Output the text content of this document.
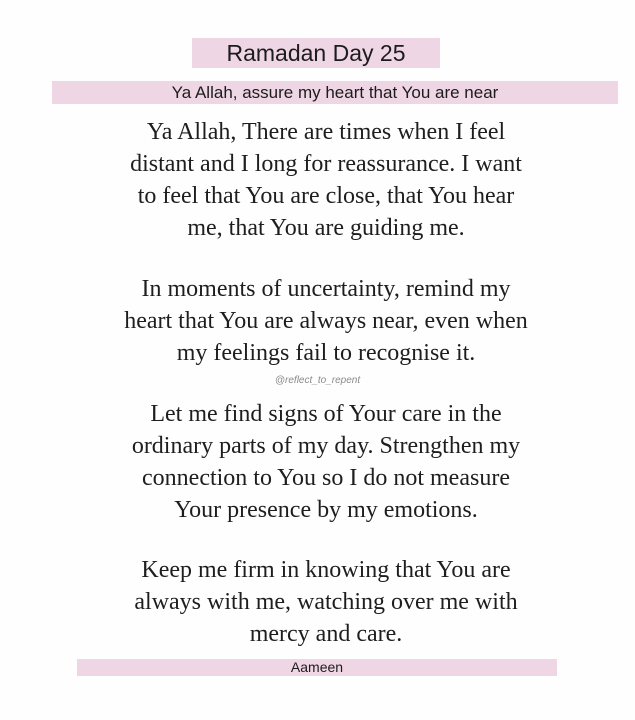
Ramadan Day 25
Ya Allah, assure my heart that You are near
Ya Allah, There are times when I feel
distant and I long for reassurance. I want
to feel that You are close, that You hear
me, that You are guiding me.
In moments of uncertainty, remind my
heart that You are always near, even when
my feelings fail to recognise it.
@reflect_to_repent
Let me find signs of Your care in the
ordinary parts of my day. Strengthen my
connection to You so I do not measure
Your presence by my emotions.
Keep me firm in knowing that You are
always with me, watching over me with
mercy and care.
Aameen
